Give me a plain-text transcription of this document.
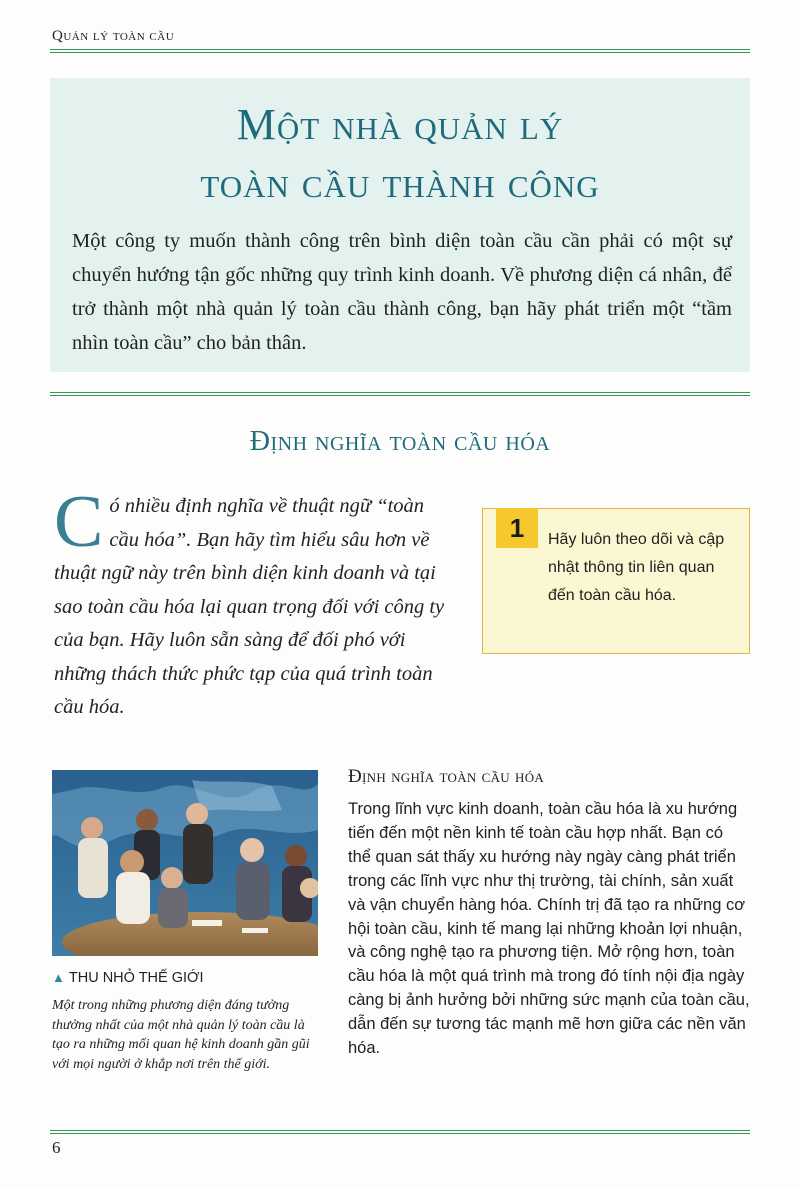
Quản lý toàn cầu
Một nhà quản lý
toàn cầu thành công
Một công ty muốn thành công trên bình diện toàn cầu cần phải có một sự chuyển hướng tận gốc những quy trình kinh doanh. Về phương diện cá nhân, để trở thành một nhà quản lý toàn cầu thành công, bạn hãy phát triển một “tầm nhìn toàn cầu” cho bản thân.
Định nghĩa toàn cầu hóa
Có nhiều định nghĩa về thuật ngữ “toàn cầu hóa”. Bạn hãy tìm hiểu sâu hơn về thuật ngữ này trên bình diện kinh doanh và tại sao toàn cầu hóa lại quan trọng đối với công ty của bạn. Hãy luôn sẵn sàng để đối phó với những thách thức phức tạp của quá trình toàn cầu hóa.
1	Hãy luôn theo dõi và cập nhật thông tin liên quan đến toàn cầu hóa.
▲ THU NHỎ THẾ GIỚI
Một trong những phương diện đáng tưởng thưởng nhất của một nhà quản lý toàn cầu là tạo ra những mối quan hệ kinh doanh gần gũi với mọi người ở khắp nơi trên thế giới.
Định nghĩa toàn cầu hóa
Trong lĩnh vực kinh doanh, toàn cầu hóa là xu hướng tiến đến một nền kinh tế toàn cầu hợp nhất. Bạn có thể quan sát thấy xu hướng này ngày càng phát triển trong các lĩnh vực như thị trường, tài chính, sản xuất và vận chuyển hàng hóa. Chính trị đã tạo ra những cơ hội toàn cầu, kinh tế mang lại những khoản lợi nhuận, và công nghệ tạo ra phương tiện. Mở rộng hơn, toàn cầu hóa là một quá trình mà trong đó tính nội địa ngày càng bị ảnh hưởng bởi những sức mạnh của toàn cầu, dẫn đến sự tương tác mạnh mẽ hơn giữa các nền văn hóa.
6
